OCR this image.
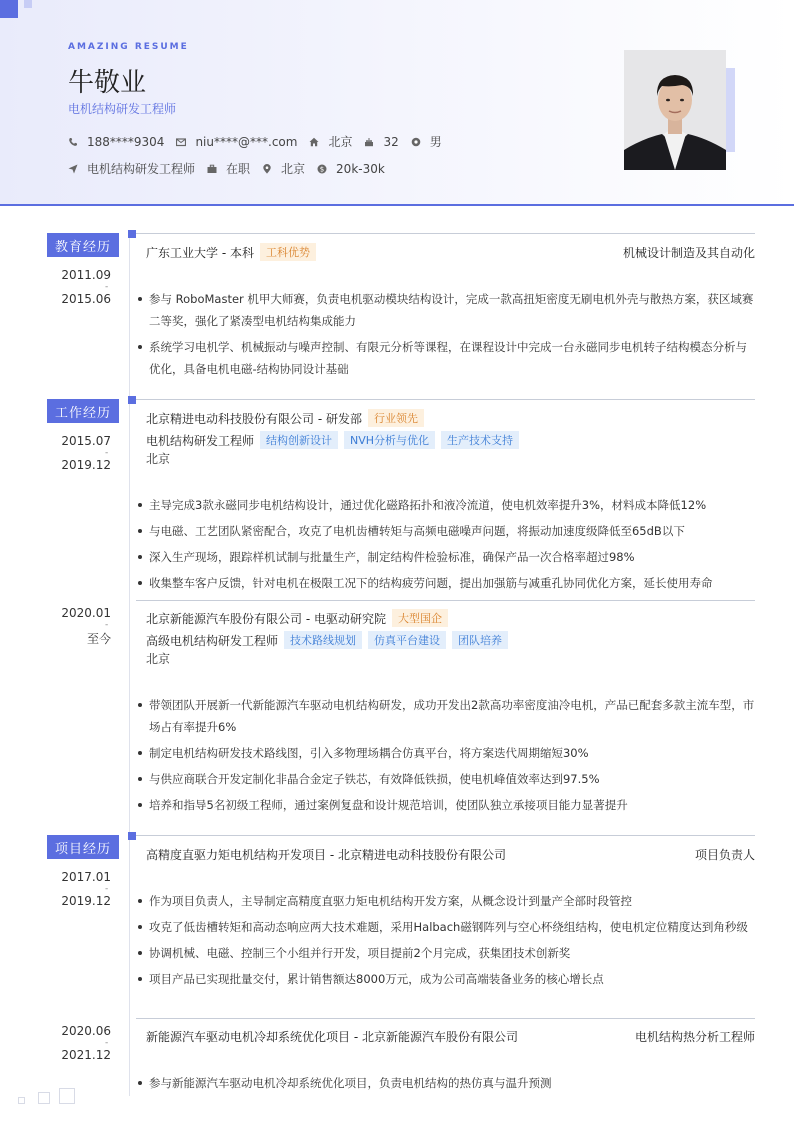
AMAZING RESUME
牛敬业
电机结构研发工程师
188****9304	niu****@***.com	北京	32	男
电机结构研发工程师	在职	北京 $ 20k-30k
教育经历
2011.09
-
2015.06
广东工业大学 - 本科	工科优势	机械设计制造及其自动化
参与 RoboMaster 机甲大师赛，负责电机驱动模块结构设计，完成一款高扭矩密度无刷电机外壳与散热方案，获区域赛二等奖，强化了紧凑型电机结构集成能力
系统学习电机学、机械振动与噪声控制、有限元分析等课程，在课程设计中完成一台永磁同步电机转子结构模态分析与优化，具备电机电磁-结构协同设计基础
工作经历
2015.07
-
2019.12
北京精进电动科技股份有限公司 - 研发部	行业领先
电机结构研发工程师	结构创新设计	NVH分析与优化	生产技术支持
北京
主导完成3款永磁同步电机结构设计，通过优化磁路拓扑和液冷流道，使电机效率提升3%，材料成本降低12%
与电磁、工艺团队紧密配合，攻克了电机齿槽转矩与高频电磁噪声问题，将振动加速度级降低至65dB以下
深入生产现场，跟踪样机试制与批量生产，制定结构件检验标准，确保产品一次合格率超过98%
收集整车客户反馈，针对电机在极限工况下的结构疲劳问题，提出加强筋与减重孔协同优化方案，延长使用寿命
2020.01
-
至今
北京新能源汽车股份有限公司 - 电驱动研究院	大型国企
高级电机结构研发工程师	技术路线规划	仿真平台建设	团队培养
北京
带领团队开展新一代新能源汽车驱动电机结构研发，成功开发出2款高功率密度油冷电机，产品已配套多款主流车型，市场占有率提升6%
制定电机结构研发技术路线图，引入多物理场耦合仿真平台，将方案迭代周期缩短30%
与供应商联合开发定制化非晶合金定子铁芯，有效降低铁损，使电机峰值效率达到97.5%
培养和指导5名初级工程师，通过案例复盘和设计规范培训，使团队独立承接项目能力显著提升
项目经历
2017.01
-
2019.12
高精度直驱力矩电机结构开发项目 - 北京精进电动科技股份有限公司	项目负责人
作为项目负责人，主导制定高精度直驱力矩电机结构开发方案，从概念设计到量产全部时段管控
攻克了低齿槽转矩和高动态响应两大技术难题，采用Halbach磁钢阵列与空心杯绕组结构，使电机定位精度达到角秒级
协调机械、电磁、控制三个小组并行开发，项目提前2个月完成，获集团技术创新奖
项目产品已实现批量交付，累计销售额达8000万元，成为公司高端装备业务的核心增长点
2020.06
-
2021.12
新能源汽车驱动电机冷却系统优化项目 - 北京新能源汽车股份有限公司	电机结构热分析工程师
参与新能源汽车驱动电机冷却系统优化项目，负责电机结构的热仿真与温升预测
